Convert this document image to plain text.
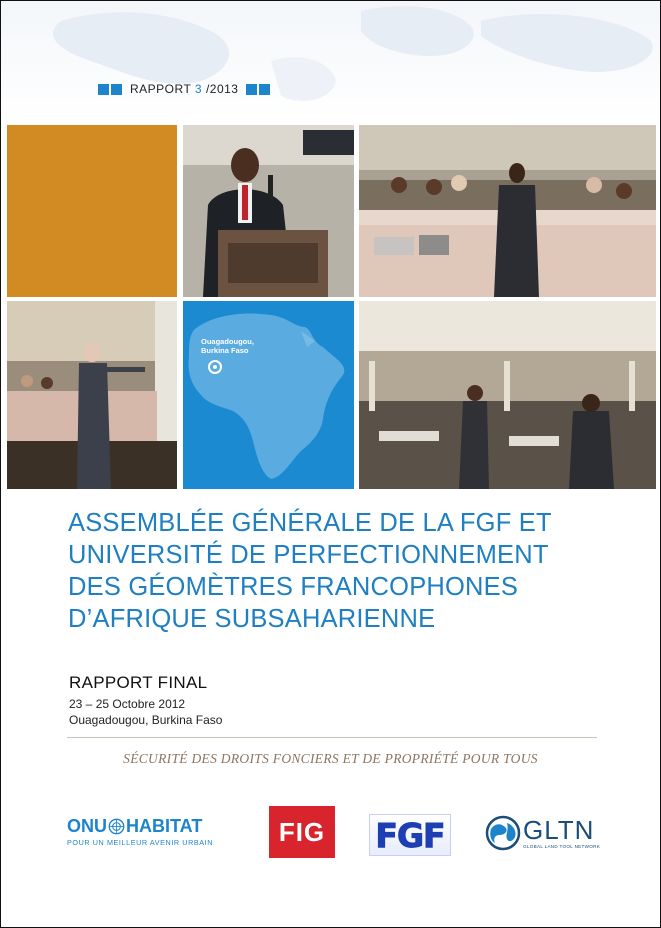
RAPPORT 3 /2013
Ouagadougou,
Burkina Faso
ASSEMBLÉE GÉNÉRALE DE LA FGF ET
UNIVERSITÉ DE PERFECTIONNEMENT
DES GÉOMÈTRES FRANCOPHONES
D’AFRIQUE SUBSAHARIENNE
RAPPORT FINAL
23 – 25 Octobre 2012
Ouagadougou, Burkina Faso
SÉCURITÉ DES DROITS FONCIERS ET DE PROPRIÉTÉ POUR TOUS
ONU HABITAT
POUR UN MEILLEUR AVENIR URBAIN	FIG FGF	GLTN
GLOBAL LAND TOOL NETWORK
